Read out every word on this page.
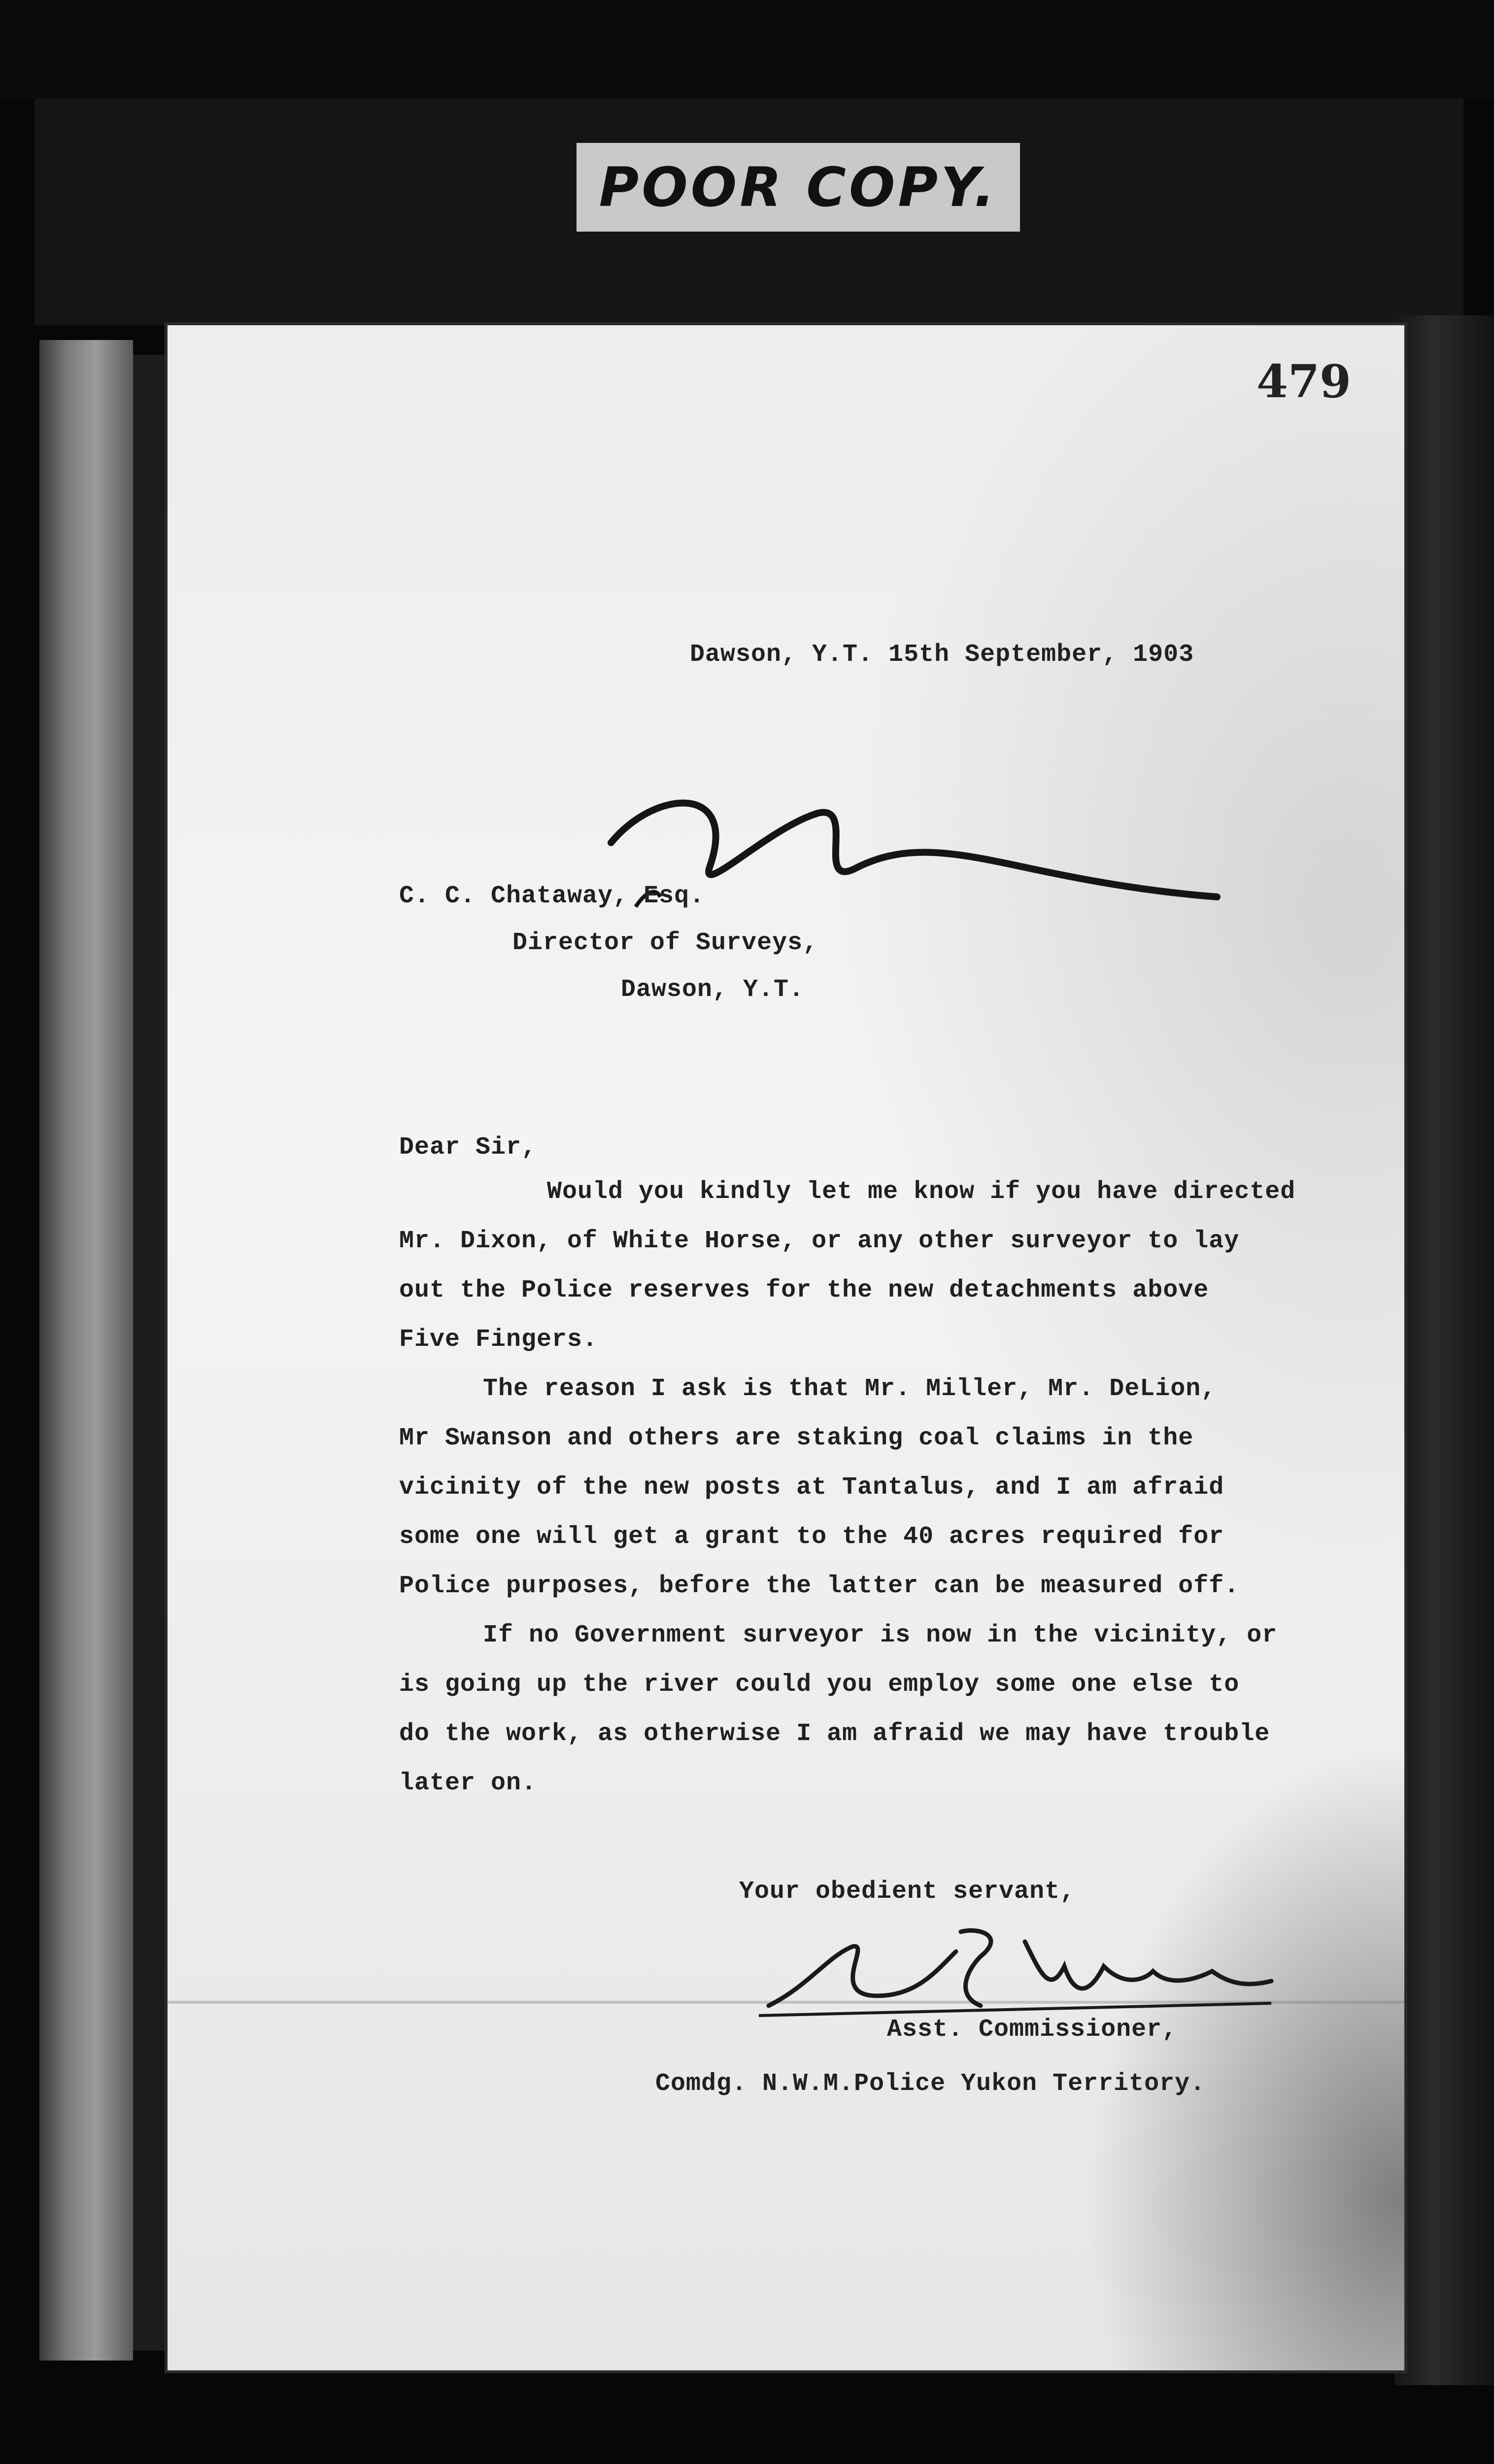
POOR COPY.
479
Dawson, Y.T. 15th September, 1903
C. C. Chataway, Esq.
Director of Surveys,
Dawson, Y.T.
Dear Sir,
Would you kindly let me know if you have directed
Mr. Dixon, of White Horse, or any other surveyor to lay
out the Police reserves for the new detachments above
Five Fingers.
The reason I ask is that Mr. Miller, Mr. DeLion,
Mr Swanson and others are staking coal claims in the
vicinity of the new posts at Tantalus, and I am afraid
some one will get a grant to the 40 acres required for
Police purposes, before the latter can be measured off.
If no Government surveyor is now in the vicinity, or
is going up the river could you employ some one else to
do the work, as otherwise I am afraid we may have trouble
later on.
Your obedient servant,
Asst. Commissioner,
Comdg. N.W.M.Police Yukon Territory.
